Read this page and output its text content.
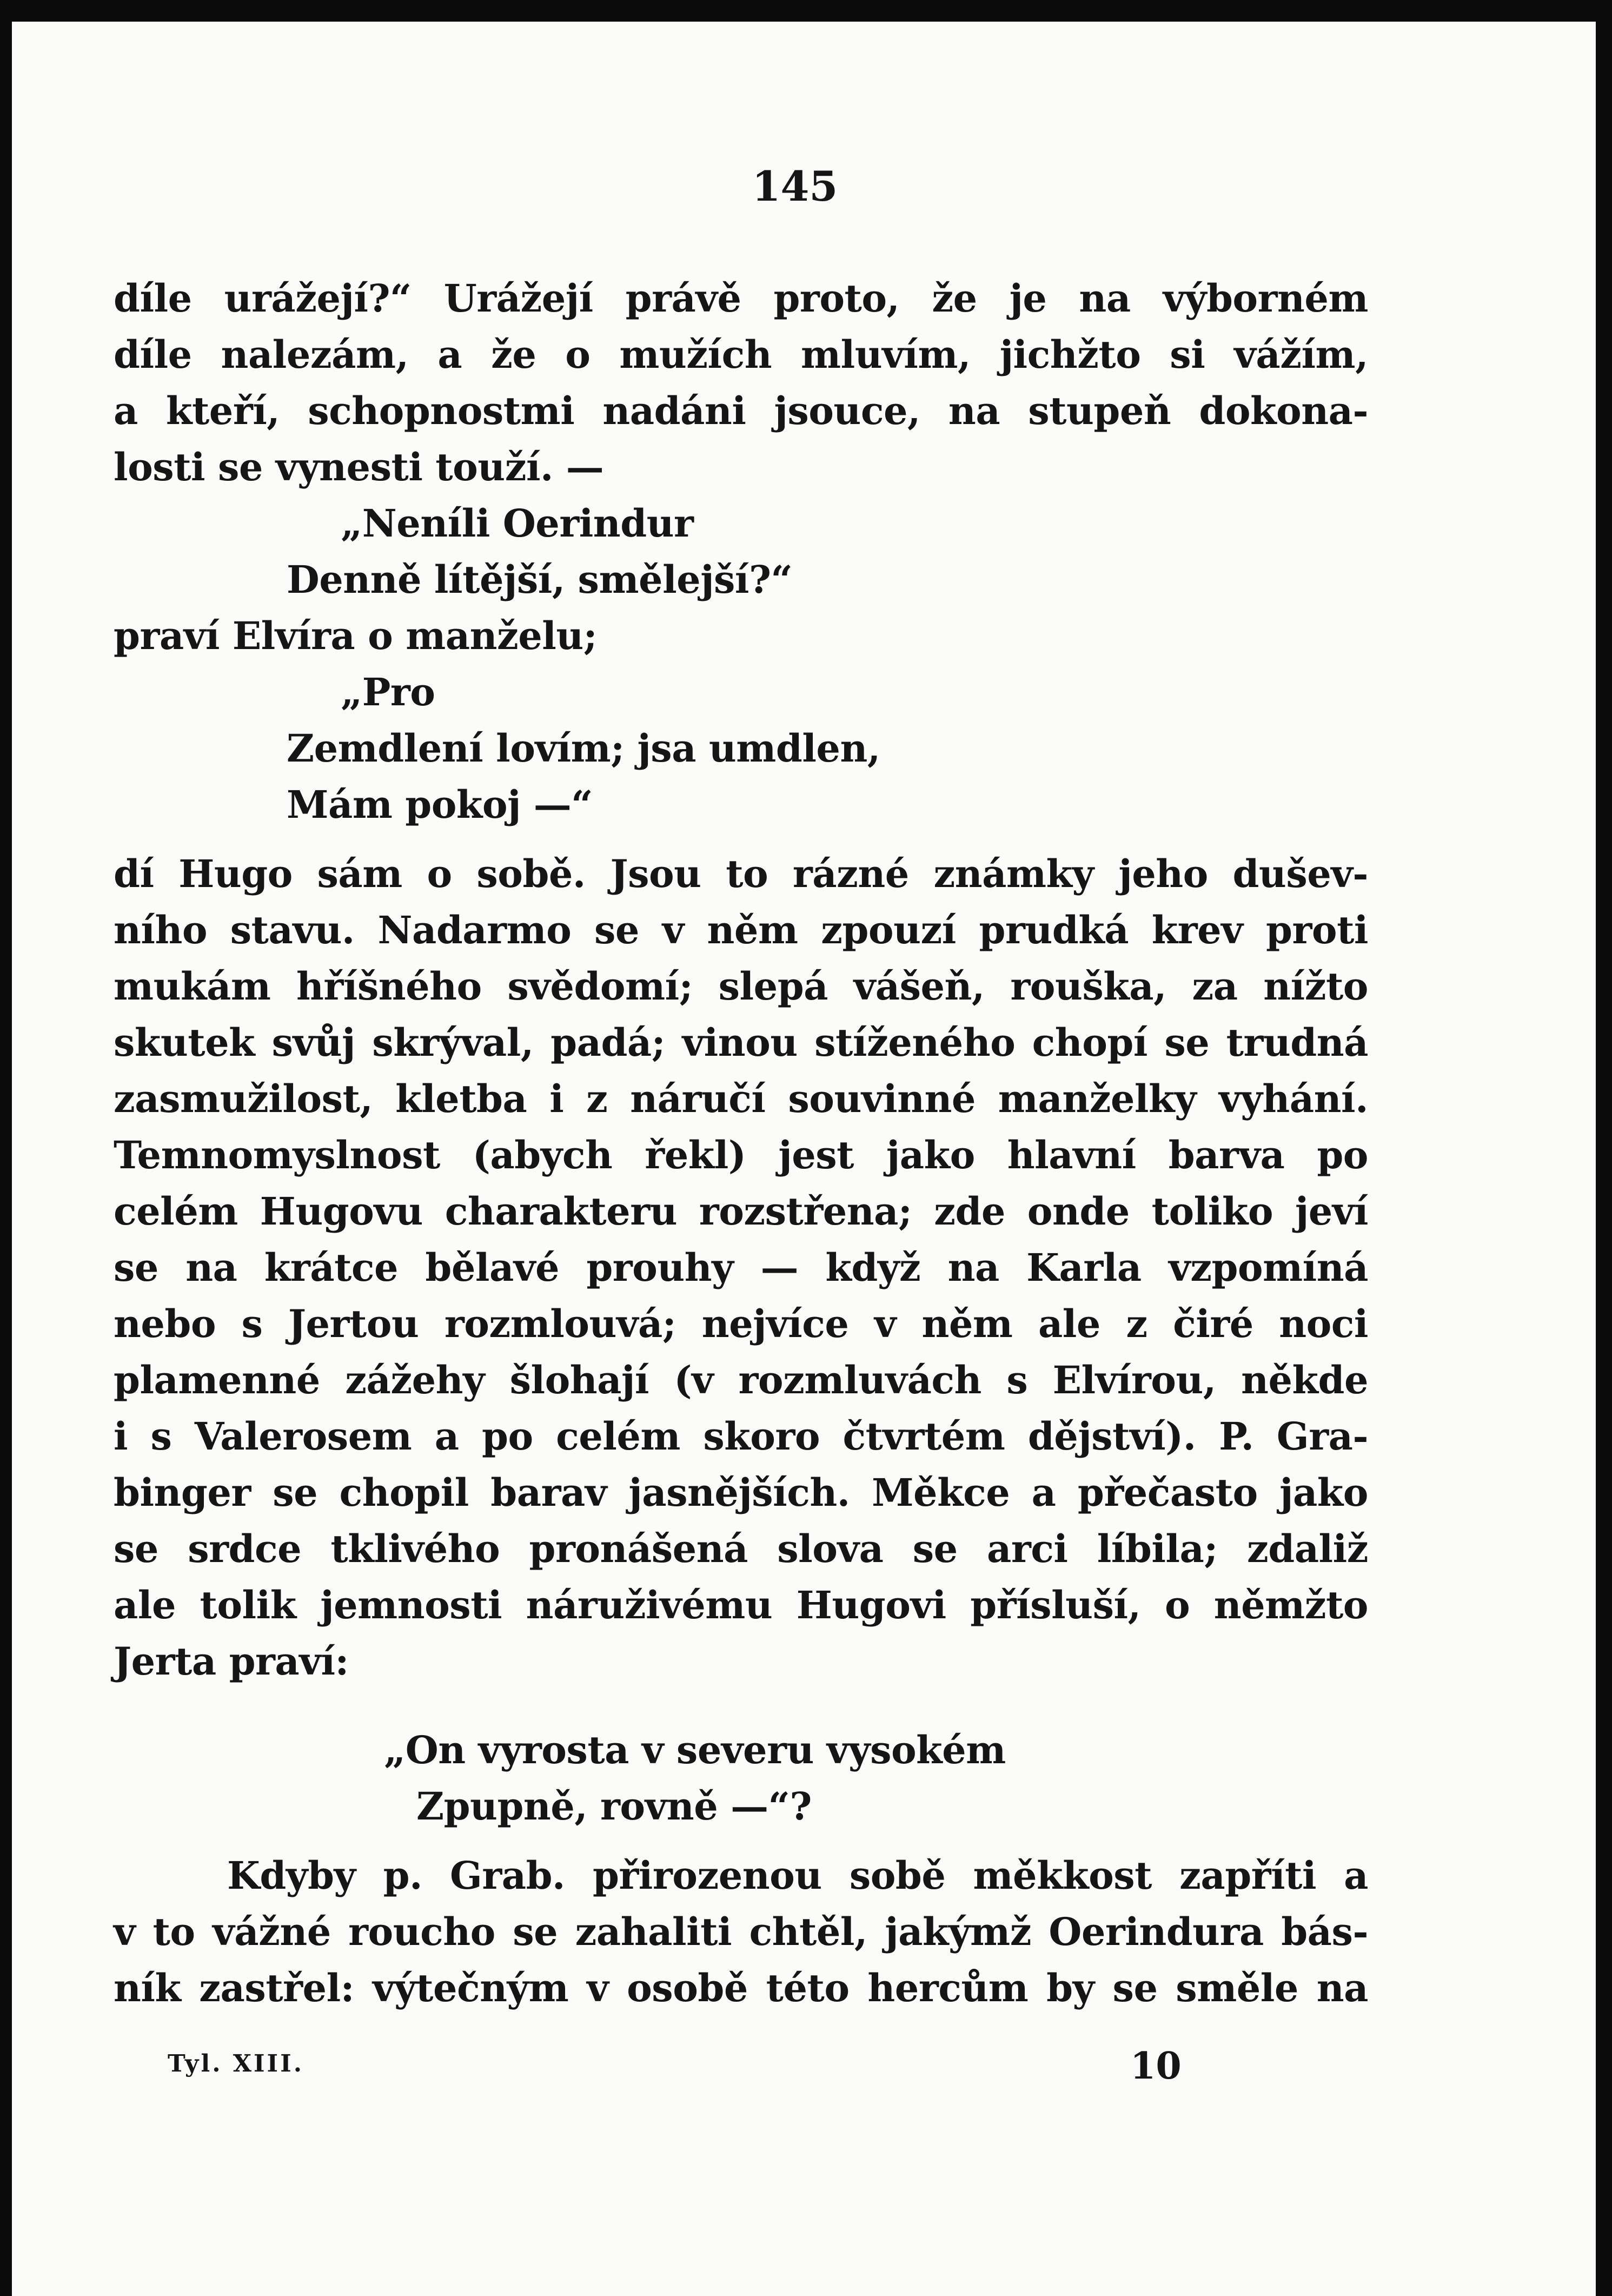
145
díle urážejí?“ Urážejí právě proto, že je na výborném
díle nalezám, a že o mužích mluvím, jichžto si vážím,
a kteří, schopnostmi nadáni jsouce, na stupeň dokona-
losti se vynesti touží. —
„Neníli Oerindur
Denně lítější, smělejší?“
praví Elvíra o manželu;
„Pro
Zemdlení lovím; jsa umdlen,
Mám pokoj —“
dí Hugo sám o sobě. Jsou to rázné známky jeho dušev-
ního stavu. Nadarmo se v něm zpouzí prudká krev proti
mukám hříšného svědomí; slepá vášeň, rouška, za nížto
skutek svůj skrýval, padá; vinou stíženého chopí se trudná
zasmužilost, kletba i z náručí souvinné manželky vyhání.
Temnomyslnost (abych řekl) jest jako hlavní barva po
celém Hugovu charakteru rozstřena; zde onde toliko jeví
se na krátce bělavé prouhy — když na Karla vzpomíná
nebo s Jertou rozmlouvá; nejvíce v něm ale z čiré noci
plamenné zážehy šlohají (v rozmluvách s Elvírou, někde
i s Valerosem a po celém skoro čtvrtém dějství). P. Gra-
binger se chopil barav jasnějších. Měkce a přečasto jako
se srdce tklivého pronášená slova se arci líbila; zdaliž
ale tolik jemnosti náruživému Hugovi přísluší, o němžto
Jerta praví:
„On vyrosta v severu vysokém
Zpupně, rovně —“?
Kdyby p. Grab. přirozenou sobě měkkost zapříti a
v to vážné roucho se zahaliti chtěl, jakýmž Oerindura bás-
ník zastřel: výtečným v osobě této hercům by se směle na
Tyl. XIII.	10
